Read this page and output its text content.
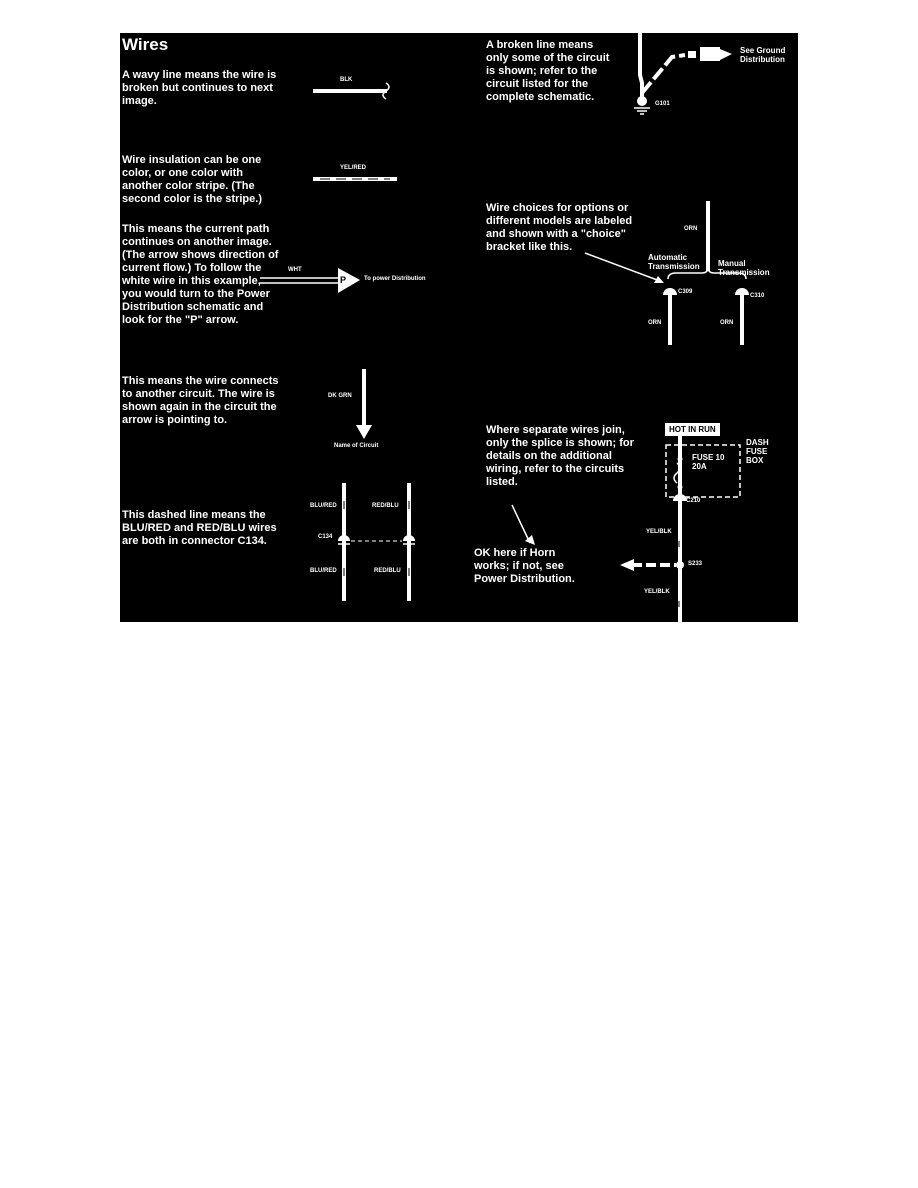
Wires
A wavy line means the wire is
broken but continues to next
image.
Wire insulation can be one
color, or one color with
another color stripe. (The
second color is the stripe.)
This means the current path
continues on another image.
(The arrow shows direction of
current flow.) To follow the
white wire in this example,
you would turn to the Power
Distribution schematic and
look for the "P" arrow.
This means the wire connects
to another circuit. The wire is
shown again in the circuit the
arrow is pointing to.
This dashed line means the
BLU/RED and RED/BLU wires
are both in connector C134.
A broken line means
only some of the circuit
is shown; refer to the
circuit listed for the
complete schematic.
Wire choices for options or
different models are labeled
and shown with a "choice"
bracket like this.
Where separate wires join,
only the splice is shown; for
details on the additional
wiring, refer to the circuits
listed.
OK here if Horn
works; if not, see
Power Distribution.
BLK
YEL/RED
WHT
P	To power Distribution
DK GRN
Name of Circuit
BLU/RED	RED/BLU
C134
BLU/RED	RED/BLU
See Ground
Distribution
G101
ORN
Automatic
Transmission Manual
Transmission
C309
C310
ORN	ORN
HOT IN RUN
DASH
FUSE
BOX
FUSE 10
20A
C210
YEL/BLK
S233
YEL/BLK
